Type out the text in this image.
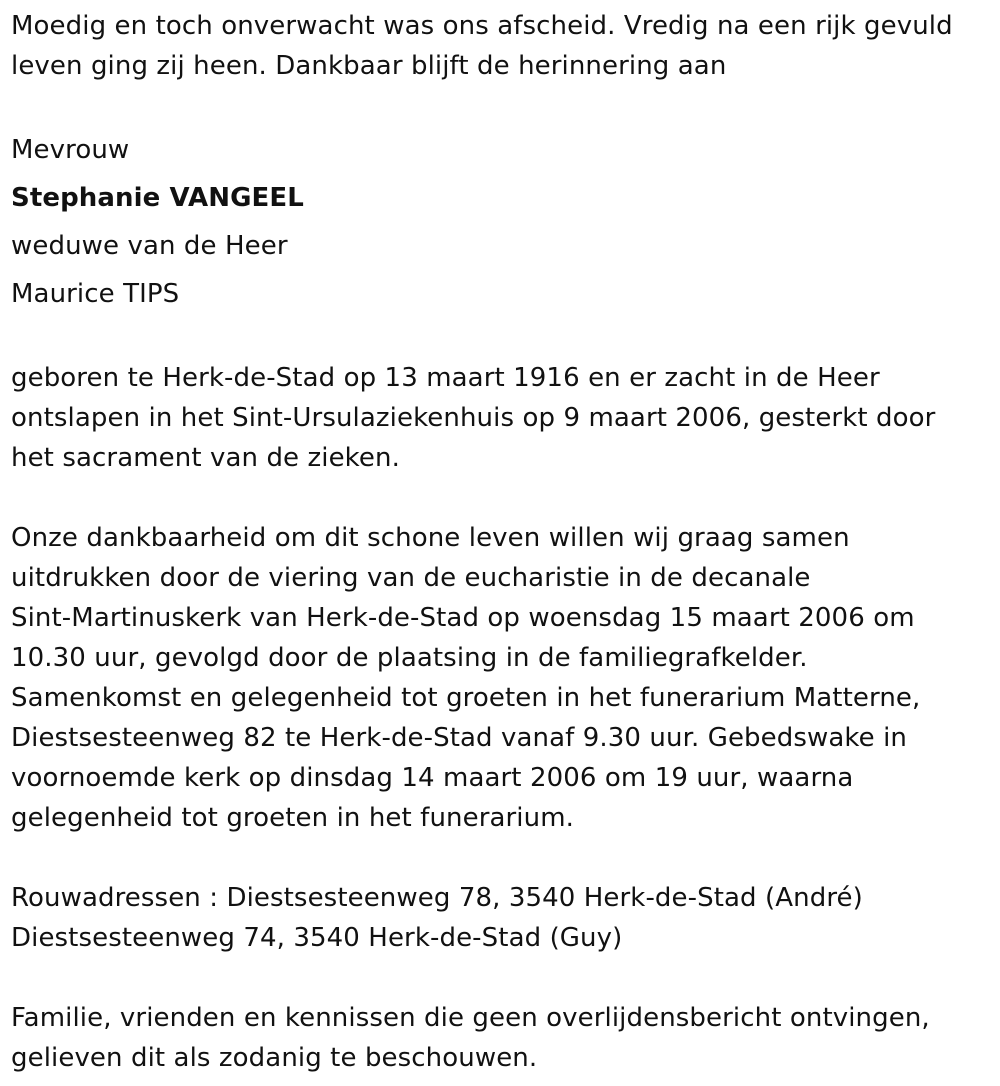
Moedig en toch onverwacht was ons afscheid. Vredig na een rijk gevuld
leven ging zij heen. Dankbaar blijft de herinnering aan
Mevrouw
Stephanie VANGEEL
weduwe van de Heer
Maurice TIPS
geboren te Herk-de-Stad op 13 maart 1916 en er zacht in de Heer
ontslapen in het Sint-Ursulaziekenhuis op 9 maart 2006, gesterkt door
het sacrament van de zieken.
Onze dankbaarheid om dit schone leven willen wij graag samen
uitdrukken door de viering van de eucharistie in de decanale
Sint-Martinuskerk van Herk-de-Stad op woensdag 15 maart 2006 om
10.30 uur, gevolgd door de plaatsing in de familiegrafkelder.
Samenkomst en gelegenheid tot groeten in het funerarium Matterne,
Diestsesteenweg 82 te Herk-de-Stad vanaf 9.30 uur. Gebedswake in
voornoemde kerk op dinsdag 14 maart 2006 om 19 uur, waarna
gelegenheid tot groeten in het funerarium.
Rouwadressen : Diestsesteenweg 78, 3540 Herk-de-Stad (André)
Diestsesteenweg 74, 3540 Herk-de-Stad (Guy)
Familie, vrienden en kennissen die geen overlijdensbericht ontvingen,
gelieven dit als zodanig te beschouwen.
